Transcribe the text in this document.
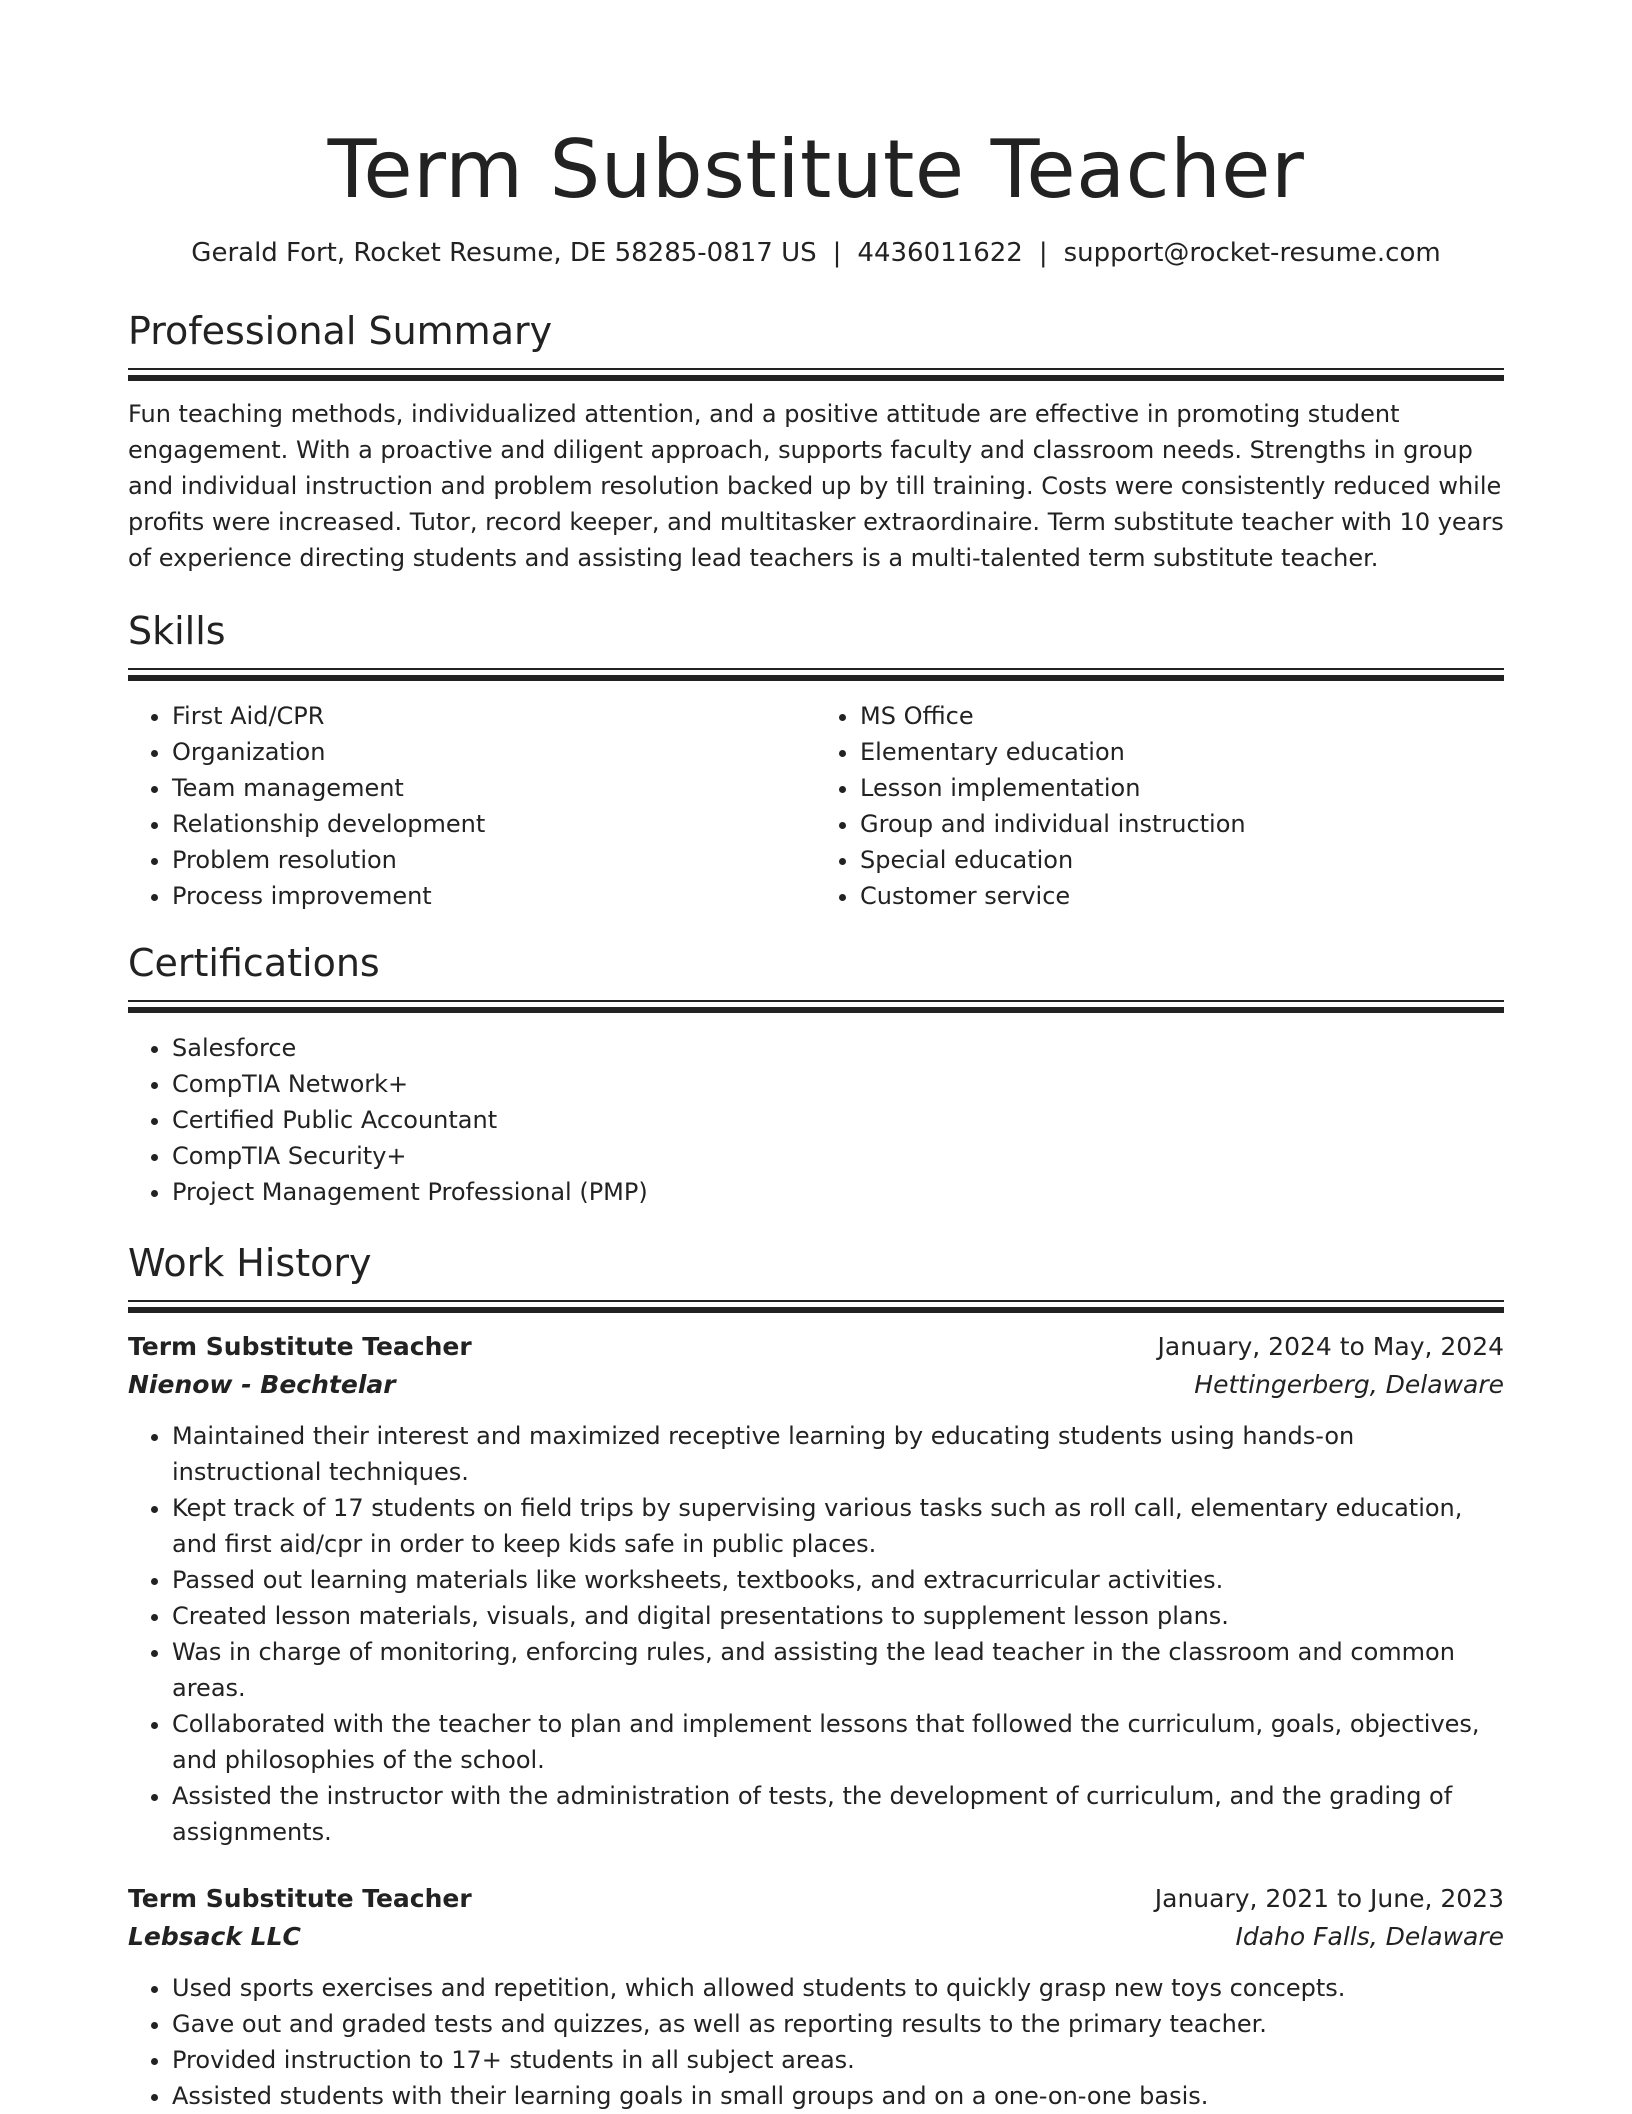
Term Substitute Teacher
Gerald Fort, Rocket Resume, DE 58285-0817 US | 4436011622 | support@rocket-resume.com
Professional Summary

Fun teaching methods, individualized attention, and a positive attitude are effective in promoting student engagement. With a proactive and diligent approach, supports faculty and classroom needs. Strengths in group and individual instruction and problem resolution backed up by till training. Costs were consistently reduced while profits were increased. Tutor, record keeper, and multitasker extraordinaire. Term substitute teacher with 10 years of experience directing students and assisting lead teachers is a multi-talented term substitute teacher.

Skills
• First Aid/CPR
• Organization
• Team management
• Relationship development
• Problem resolution
• Process improvement
• MS Office
• Elementary education
• Lesson implementation
• Group and individual instruction
• Special education
• Customer service
Certifications
• Salesforce
• CompTIA Network+
• Certified Public Accountant
• CompTIA Security+
• Project Management Professional (PMP)
Work History
Term Substitute Teacher	January, 2024 to May, 2024
Nienow - Bechtelar	Hettingerberg, Delaware
• Maintained their interest and maximized receptive learning by educating students using hands-on instructional techniques.
• Kept track of 17 students on field trips by supervising various tasks such as roll call, elementary education, and first aid/cpr in order to keep kids safe in public places.
• Passed out learning materials like worksheets, textbooks, and extracurricular activities.
• Created lesson materials, visuals, and digital presentations to supplement lesson plans.
• Was in charge of monitoring, enforcing rules, and assisting the lead teacher in the classroom and common areas.
• Collaborated with the teacher to plan and implement lessons that followed the curriculum, goals, objectives, and philosophies of the school.
• Assisted the instructor with the administration of tests, the development of curriculum, and the grading of assignments.
Term Substitute Teacher	January, 2021 to June, 2023
Lebsack LLC	Idaho Falls, Delaware
• Used sports exercises and repetition, which allowed students to quickly grasp new toys concepts.
• Gave out and graded tests and quizzes, as well as reporting results to the primary teacher.
• Provided instruction to 17+ students in all subject areas.
• Assisted students with their learning goals in small groups and on a one-on-one basis.
